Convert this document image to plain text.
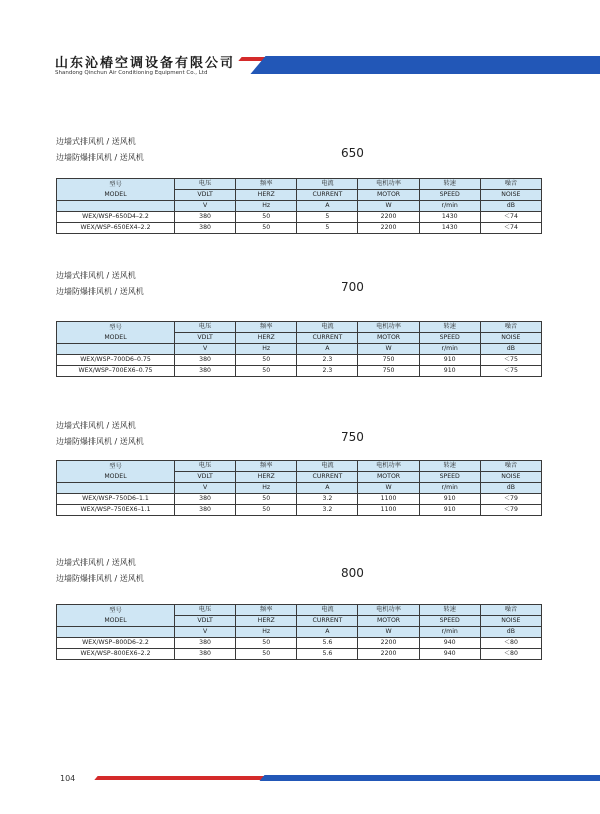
山东沁椿空调设备有限公司
Shandong Qinchun Air Conditioning Equipment Co., Ltd
边墙式排风机 / 送风机
边墙防爆排风机 / 送风机	650
型号
MODEL	电压	频率	电流	电机功率	转速	噪音
	VDLT	HERZ	CURRENT	MOTOR	SPEED	NOISE
	V	Hz	A	W	r/min	dB
WEX/WSP–650D4–2.2	380	50	5	2200	1430	＜74
WEX/WSP–650EX4–2.2	380	50	5	2200	1430	＜74
边墙式排风机 / 送风机
边墙防爆排风机 / 送风机	700
型号
MODEL	电压	频率	电流	电机功率	转速	噪音
	VDLT	HERZ	CURRENT	MOTOR	SPEED	NOISE
	V	Hz	A	W	r/min	dB
WEX/WSP–700D6–0.75	380	50	2.3	750	910	＜75
WEX/WSP–700EX6–0.75	380	50	2.3	750	910	＜75
边墙式排风机 / 送风机
边墙防爆排风机 / 送风机	750
型号
MODEL	电压	频率	电流	电机功率	转速	噪音
	VDLT	HERZ	CURRENT	MOTOR	SPEED	NOISE
	V	Hz	A	W	r/min	dB
WEX/WSP–750D6–1.1	380	50	3.2	1100	910	＜79
WEX/WSP–750EX6–1.1	380	50	3.2	1100	910	＜79
边墙式排风机 / 送风机
边墙防爆排风机 / 送风机	800
型号
MODEL	电压	频率	电流	电机功率	转速	噪音
	VDLT	HERZ	CURRENT	MOTOR	SPEED	NOISE
	V	Hz	A	W	r/min	dB
WEX/WSP–800D6–2.2	380	50	5.6	2200	940	＜80
WEX/WSP–800EX6–2.2	380	50	5.6	2200	940	＜80
104
